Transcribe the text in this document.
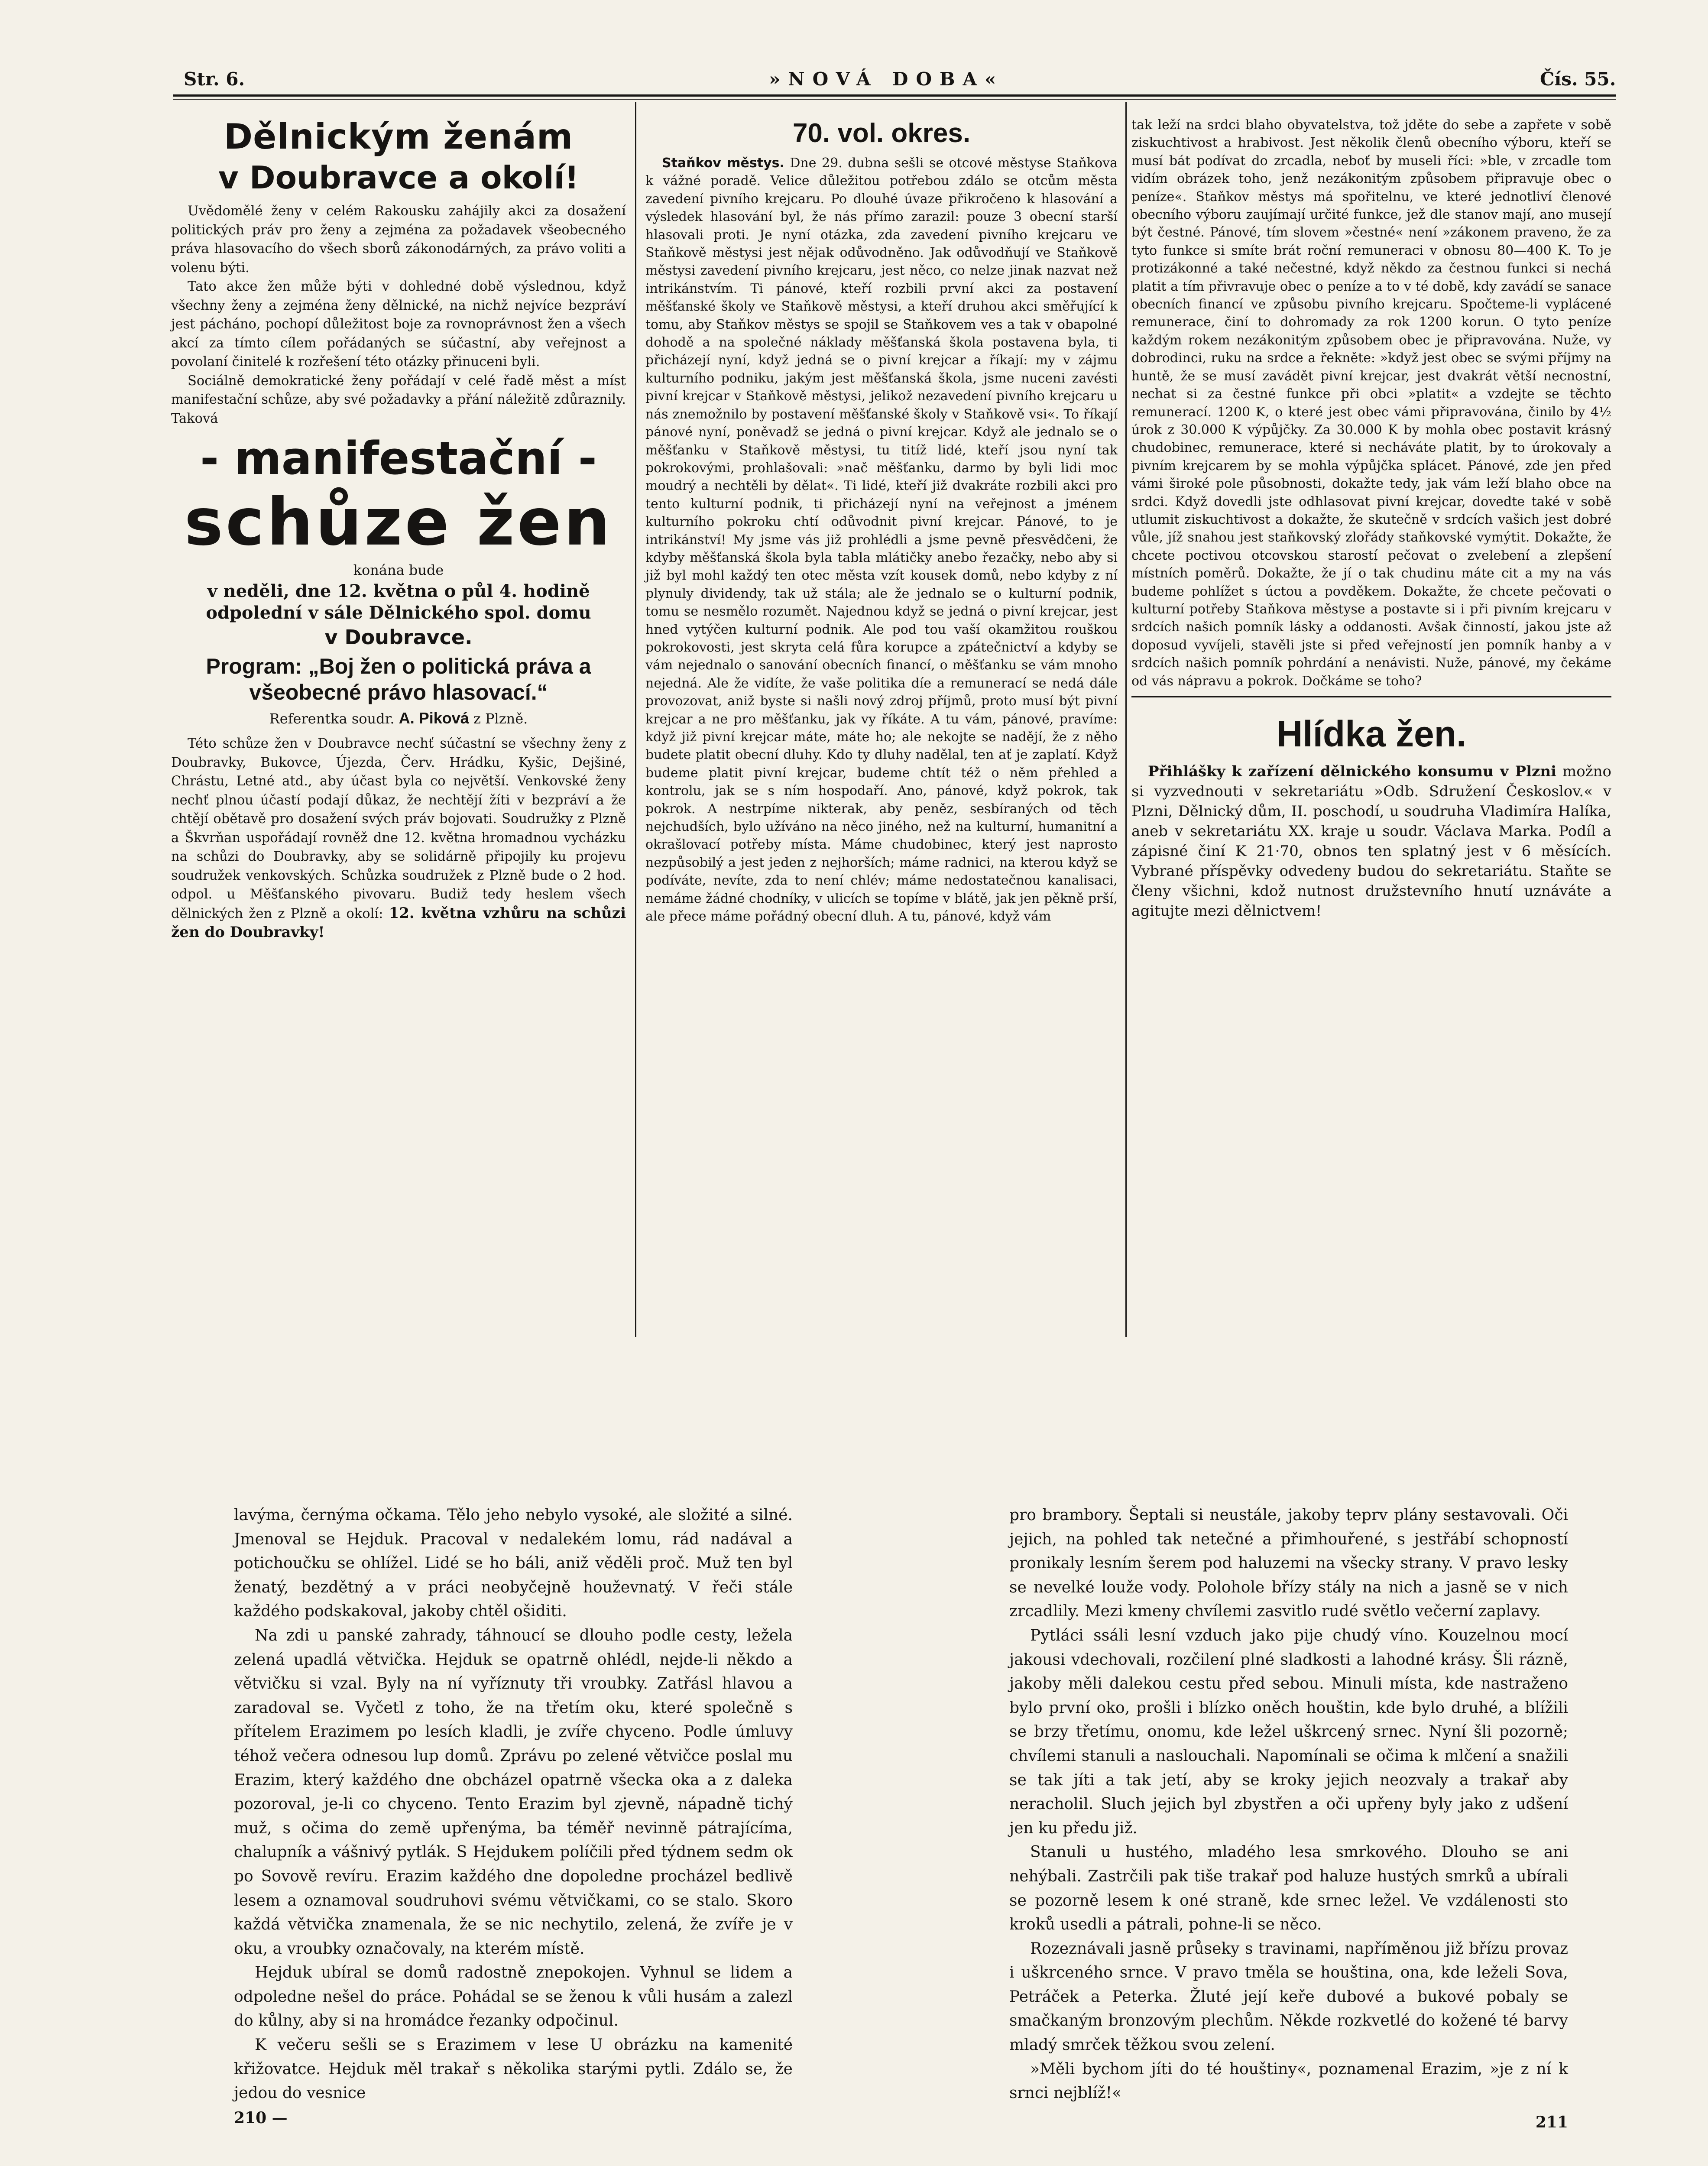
Str. 6.	»NOVÁ DOBA«	Čís. 55.
Dělnickým ženám
v Doubravce a okolí!

Uvědomělé ženy v celém Rakousku zahájily akci za dosažení politických práv pro ženy a zejména za požadavek všeobecného práva hlasovacího do všech sborů zákonodárných, za právo voliti a volenu býti.

Tato akce žen může býti v dohledné době výslednou, když všechny ženy a zejména ženy dělnické, na nichž nejvíce bezpráví jest pácháno, pochopí důležitost boje za rovnoprávnost žen a všech akcí za tímto cílem pořádaných se súčastní, aby veřejnost a povolaní činitelé k rozřešení této otázky přinuceni byli.

Sociálně demokratické ženy pořádají v celé řadě měst a míst manifestační schůze, aby své požadavky a přání náležitě zdůraznily. Taková

- manifestační -
schůze žen
konána bude
v neděli, dne 12. května o půl 4. hodině odpolední v sále Dělnického spol. domu
v Doubravce.
Program: „Boj žen o politická práva a všeobecné právo hlasovací.“
Referentka soudr. A. Piková z Plzně.

Této schůze žen v Doubravce nechť súčastní se všechny ženy z Doubravky, Bukovce, Újezda, Červ. Hrádku, Kyšic, Dejšiné, Chrástu, Letné atd., aby účast byla co největší. Venkovské ženy nechť plnou účastí podají důkaz, že nechtějí žíti v bezpráví a že chtějí obětavě pro dosažení svých práv bojovati. Soudružky z Plzně a Škvrňan uspořádají rovněž dne 12. května hromadnou vycházku na schůzi do Doubravky, aby se solidárně připojily ku projevu soudružek venkovských. Schůzka soudružek z Plzně bude o 2 hod. odpol. u Měšťanského pivovaru. Budiž tedy heslem všech dělnických žen z Plzně a okolí: 12. května vzhůru na schůzi žen do Doubravky!

70. vol. okres.

Staňkov městys. Dne 29. dubna sešli se otcové městyse Staňkova k vážné poradě. Velice důležitou potřebou zdálo se otcům města zavedení pivního krejcaru. Po dlouhé úvaze přikročeno k hlasování a výsledek hlasování byl, že nás přímo zarazil: pouze 3 obecní starší hlasovali proti. Je nyní otázka, zda zavedení pivního krejcaru ve Staňkově městysi jest nějak odůvodněno. Jak odůvodňují ve Staňkově městysi zavedení pivního krejcaru, jest něco, co nelze jinak nazvat než intrikánstvím. Ti pánové, kteří rozbili první akci za postavení měšťanské školy ve Staňkově městysi, a kteří druhou akci směřující k tomu, aby Staňkov městys se spojil se Staňkovem ves a tak v obapolné dohodě a na společné náklady měšťanská škola postavena byla, ti přicházejí nyní, když jedná se o pivní krejcar a říkají: my v zájmu kulturního podniku, jakým jest měšťanská škola, jsme nuceni zavésti pivní krejcar v Staňkově městysi, jelikož nezavedení pivního krejcaru u nás znemožnilo by postavení měšťanské školy v Staňkově vsi«. To říkají pánové nyní, poněvadž se jedná o pivní krejcar. Když ale jednalo se o měšťanku v Staňkově městysi, tu titíž lidé, kteří jsou nyní tak pokrokovými, prohlašovali: »nač měšťanku, darmo by byli lidi moc moudrý a nechtěli by dělat«. Ti lidé, kteří již dvakráte rozbili akci pro tento kulturní podnik, ti přicházejí nyní na veřejnost a jménem kulturního pokroku chtí odůvodnit pivní krejcar. Pánové, to je intrikánství! My jsme vás již prohlédli a jsme pevně přesvědčeni, že kdyby měšťanská škola byla tabla mlátičky anebo řezačky, nebo aby si již byl mohl každý ten otec města vzít kousek domů, nebo kdyby z ní plynuly dividendy, tak už stála; ale že jednalo se o kulturní podnik, tomu se nesmělo rozumět. Najednou když se jedná o pivní krejcar, jest hned vytýčen kulturní podnik. Ale pod tou vaší okamžitou rouškou pokrokovosti, jest skryta celá fůra korupce a zpátečnictví a kdyby se vám nejednalo o sanování obecních financí, o měšťanku se vám mnoho nejedná. Ale že vidíte, že vaše politika díe a remunerací se nedá dále provozovat, aniž byste si našli nový zdroj příjmů, proto musí být pivní krejcar a ne pro měšťanku, jak vy říkáte. A tu vám, pánové, pravíme: když již pivní krejcar máte, máte ho; ale nekojte se nadějí, že z něho budete platit obecní dluhy. Kdo ty dluhy nadělal, ten ať je zaplatí. Když budeme platit pivní krejcar, budeme chtít též o něm přehled a kontrolu, jak se s ním hospodaří. Ano, pánové, když pokrok, tak pokrok. A nestrpíme nikterak, aby peněz, sesbíraných od těch nejchudších, bylo užíváno na něco jiného, než na kulturní, humanitní a okrašlovací potřeby místa. Máme chudobinec, který jest naprosto nezpůsobilý a jest jeden z nejhorších; máme radnici, na kterou když se podíváte, nevíte, zda to není chlév; máme nedostatečnou kanalisaci, nemáme žádné chodníky, v ulicích se topíme v blátě, jak jen pěkně prší, ale přece máme pořádný obecní dluh. A tu, pánové, když vám

tak leží na srdci blaho obyvatelstva, tož jděte do sebe a zapřete v sobě ziskuchtivost a hrabivost. Jest několik členů obecního výboru, kteří se musí bát podívat do zrcadla, neboť by museli říci: »ble, v zrcadle tom vidím obrázek toho, jenž nezákonitým způsobem připravuje obec o peníze«. Staňkov městys má spořitelnu, ve které jednotliví členové obecního výboru zaujímají určité funkce, jež dle stanov mají, ano musejí být čestné. Pánové, tím slovem »čestné« není »zákonem praveno, že za tyto funkce si smíte brát roční remuneraci v obnosu 80—400 K. To je protizákonné a také nečestné, když někdo za čestnou funkci si nechá platit a tím přivravuje obec o peníze a to v té době, kdy zavádí se sanace obecních financí ve způsobu pivního krejcaru. Spočteme-li vyplácené remunerace, činí to dohromady za rok 1200 korun. O tyto peníze každým rokem nezákonitým způsobem obec je připravována. Nuže, vy dobrodinci, ruku na srdce a řekněte: »když jest obec se svými příjmy na huntě, že se musí zavádět pivní krejcar, jest dvakrát větší necnostní, nechat si za čestné funkce při obci »platit« a vzdejte se těchto remunerací. 1200 K, o které jest obec vámi připravována, činilo by 4½ úrok z 30.000 K výpůjčky. Za 30.000 K by mohla obec postavit krásný chudobinec, remunerace, které si necháváte platit, by to úrokovaly a pivním krejcarem by se mohla výpůjčka splácet. Pánové, zde jen před vámi široké pole působnosti, dokažte tedy, jak vám leží blaho obce na srdci. Když dovedli jste odhlasovat pivní krejcar, dovedte také v sobě utlumit ziskuchtivost a dokažte, že skutečně v srdcích vašich jest dobré vůle, jíž snahou jest staňkovský zlořády staňkovské vymýtit. Dokažte, že chcete poctivou otcovskou starostí pečovat o zvelebení a zlepšení místních poměrů. Dokažte, že jí o tak chudinu máte cit a my na vás budeme pohlížet s úctou a povděkem. Dokažte, že chcete pečovati o kulturní potřeby Staňkova městyse a postavte si i při pivním krejcaru v srdcích našich pomník lásky a oddanosti. Avšak činností, jakou jste až doposud vyvíjeli, stavěli jste si před veřejností jen pomník hanby a v srdcích našich pomník pohrdání a nenávisti. Nuže, pánové, my čekáme od vás nápravu a pokrok. Dočkáme se toho?

Hlídka žen.

Přihlášky k zařízení dělnického konsumu v Plzni možno si vyzvednouti v sekretariátu »Odb. Sdružení Českoslov.« v Plzni, Dělnický dům, II. poschodí, u soudruha Vladimíra Halíka, aneb v sekretariátu XX. kraje u soudr. Václava Marka. Podíl a zápisné činí K 21·70, obnos ten splatný jest v 6 měsících. Vybrané příspěvky odvedeny budou do sekretariátu. Staňte se členy všichni, kdož nutnost družstevního hnutí uznáváte a agitujte mezi dělnictvem!

lavýma, černýma očkama. Tělo jeho nebylo vysoké, ale složité a silné. Jmenoval se Hejduk. Pracoval v nedalekém lomu, rád nadával a potichoučku se ohlížel. Lidé se ho báli, aniž věděli proč. Muž ten byl ženatý, bezdětný a v práci neobyčejně houževnatý. V řeči stále každého podskakoval, jakoby chtěl ošiditi.

Na zdi u panské zahrady, táhnoucí se dlouho podle cesty, ležela zelená upadlá větvička. Hejduk se opatrně ohlédl, nejde-li někdo a větvičku si vzal. Byly na ní vyříznuty tři vroubky. Zatřásl hlavou a zaradoval se. Vyčetl z toho, že na třetím oku, které společně s přítelem Erazimem po lesích kladli, je zvíře chyceno. Podle úmluvy téhož večera odnesou lup domů. Zprávu po zelené větvičce poslal mu Erazim, který každého dne obcházel opatrně všecka oka a z daleka pozoroval, je-li co chyceno. Tento Erazim byl zjevně, nápadně tichý muž, s očima do země upřenýma, ba téměř nevinně pátrajícíma, chalupník a vášnivý pytlák. S Hejdukem políčili před týdnem sedm ok po Sovově revíru. Erazim každého dne dopoledne procházel bedlivě lesem a oznamoval soudruhovi svému větvičkami, co se stalo. Skoro každá větvička znamenala, že se nic nechytilo, zelená, že zvíře je v oku, a vroubky označovaly, na kterém místě.

Hejduk ubíral se domů radostně znepokojen. Vyhnul se lidem a odpoledne nešel do práce. Pohádal se se ženou k vůli husám a zalezl do kůlny, aby si na hromádce řezanky odpočinul.

K večeru sešli se s Erazimem v lese U obrázku na kamenité křižovatce. Hejduk měl trakař s několika starými pytli. Zdálo se, že jedou do vesnice

210 —

pro brambory. Šeptali si neustále, jakoby teprv plány sestavovali. Oči jejich, na pohled tak netečné a přimhouřené, s jestřábí schopností pronikaly lesním šerem pod haluzemi na všecky strany. V pravo lesky se nevelké louže vody. Polohole břízy stály na nich a jasně se v nich zrcadlily. Mezi kmeny chvílemi zasvitlo rudé světlo večerní zaplavy.

Pytláci ssáli lesní vzduch jako pije chudý víno. Kouzelnou mocí jakousi vdechovali, rozčilení plné sladkosti a lahodné krásy. Šli rázně, jakoby měli dalekou cestu před sebou. Minuli místa, kde nastraženo bylo první oko, prošli i blízko oněch houštin, kde bylo druhé, a blížili se brzy třetímu, onomu, kde ležel uškrcený srnec. Nyní šli pozorně; chvílemi stanuli a naslouchali. Napomínali se očima k mlčení a snažili se tak jíti a tak jetí, aby se kroky jejich neozvaly a trakař aby neracholil. Sluch jejich byl zbystřen a oči upřeny byly jako z udšení jen ku předu již.

Stanuli u hustého, mladého lesa smrkového. Dlouho se ani nehýbali. Zastrčili pak tiše trakař pod haluze hustých smrků a ubírali se pozorně lesem k oné straně, kde srnec ležel. Ve vzdálenosti sto kroků usedli a pátrali, pohne-li se něco.

Rozeznávali jasně průseky s travinami, napříměnou již břízu provaz i uškrceného srnce. V pravo tměla se houština, ona, kde leželi Sova, Petráček a Peterka. Žluté její keře dubové a bukové pobaly se smačkaným bronzovým plechům. Někde rozkvetlé do kožené té barvy mladý smrček těžkou svou zelení.

»Měli bychom jíti do té houštiny«, poznamenal Erazim, »je z ní k srnci nejblíž!«

211
